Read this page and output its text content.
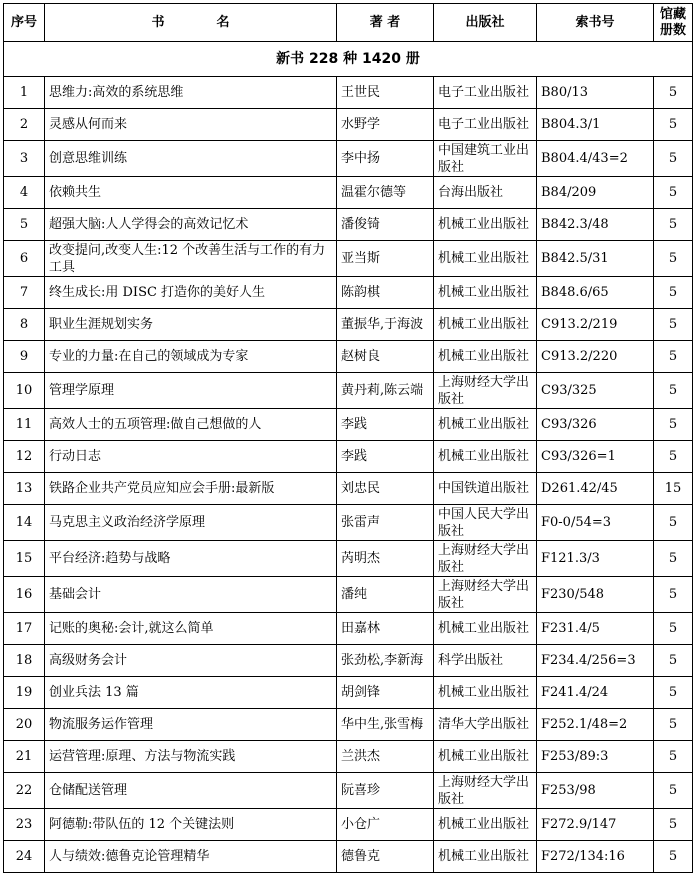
新书 228 种 1420 册					
序号	书名	著 者	出版社	索书号	馆藏册数
1	思维力:高效的系统思维	王世民	电子工业出版社	B80/13	5
2	灵感从何而来	水野学	电子工业出版社	B804.3/1	5
3	创意思维训练	李中扬	中国建筑工业出版社	B804.4/43=2	5
4	依赖共生	温霍尔德等	台海出版社	B84/209	5
5	超强大脑:人人学得会的高效记忆术	潘俊锜	机械工业出版社	B842.3/48	5
6	改变提问,改变人生:12 个改善生活与工作的有力工具	亚当斯	机械工业出版社	B842.5/31	5
7	终生成长:用 DISC 打造你的美好人生	陈韵棋	机械工业出版社	B848.6/65	5
8	职业生涯规划实务	董振华,于海波	机械工业出版社	C913.2/219	5
9	专业的力量:在自己的领域成为专家	赵树良	机械工业出版社	C913.2/220	5
10	管理学原理	黄丹莉,陈云端	上海财经大学出版社	C93/325	5
11	高效人士的五项管理:做自己想做的人	李践	机械工业出版社	C93/326	5
12	行动日志	李践	机械工业出版社	C93/326=1	5
13	铁路企业共产党员应知应会手册:最新版	刘忠民	中国铁道出版社	D261.42/45	15
14	马克思主义政治经济学原理	张雷声	中国人民大学出版社	F0-0/54=3	5
15	平台经济:趋势与战略	芮明杰	上海财经大学出版社	F121.3/3	5
16	基础会计	潘纯	上海财经大学出版社	F230/548	5
17	记账的奥秘:会计,就这么简单	田嘉林	机械工业出版社	F231.4/5	5
18	高级财务会计	张劲松,李新海	科学出版社	F234.4/256=3	5
19	创业兵法 13 篇	胡剑锋	机械工业出版社	F241.4/24	5
20	物流服务运作管理	华中生,张雪梅	清华大学出版社	F252.1/48=2	5
21	运营管理:原理、方法与物流实践	兰洪杰	机械工业出版社	F253/89:3	5
22	仓储配送管理	阮喜珍	上海财经大学出版社	F253/98	5
23	阿德勒:带队伍的 12 个关键法则	小仓广	机械工业出版社	F272.9/147	5
24	人与绩效:德鲁克论管理精华	德鲁克	机械工业出版社	F272/134:16	5
